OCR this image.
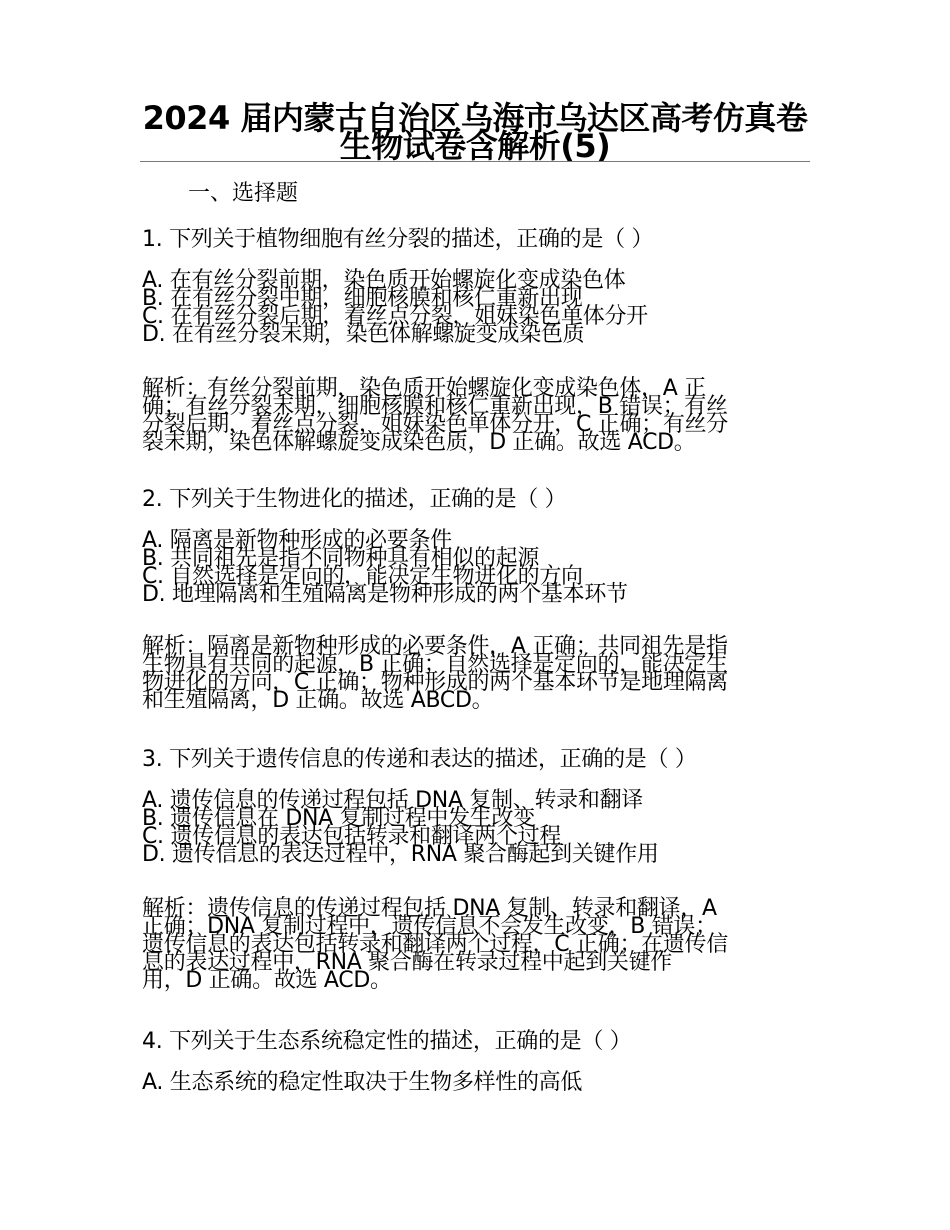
2024 届内蒙古自治区乌海市乌达区高考仿真卷生物试卷含解析(5)
一、选择题
1. 下列关于植物细胞有丝分裂的描述，正确的是（ ）
A. 在有丝分裂前期，染色质开始螺旋化变成染色体
B. 在有丝分裂中期，细胞核膜和核仁重新出现
C. 在有丝分裂后期，着丝点分裂，姐妹染色单体分开
D. 在有丝分裂末期，染色体解螺旋变成染色质
解析：有丝分裂前期，染色质开始螺旋化变成染色体，A 正
确；有丝分裂末期，细胞核膜和核仁重新出现，B 错误；有丝
分裂后期，着丝点分裂，姐妹染色单体分开，C 正确；有丝分
裂末期，染色体解螺旋变成染色质，D 正确。故选 ACD。
2. 下列关于生物进化的描述，正确的是（ ）
A. 隔离是新物种形成的必要条件
B. 共同祖先是指不同物种具有相似的起源
C. 自然选择是定向的，能决定生物进化的方向
D. 地理隔离和生殖隔离是物种形成的两个基本环节
解析：隔离是新物种形成的必要条件，A 正确；共同祖先是指
生物具有共同的起源，B 正确；自然选择是定向的，能决定生
物进化的方向，C 正确；物种形成的两个基本环节是地理隔离
和生殖隔离，D 正确。故选 ABCD。
3. 下列关于遗传信息的传递和表达的描述，正确的是（ ）
A. 遗传信息的传递过程包括 DNA 复制、转录和翻译
B. 遗传信息在 DNA 复制过程中发生改变
C. 遗传信息的表达包括转录和翻译两个过程
D. 遗传信息的表达过程中，RNA 聚合酶起到关键作用
解析：遗传信息的传递过程包括 DNA 复制、转录和翻译，A
正确；DNA 复制过程中，遗传信息不会发生改变，B 错误；
遗传信息的表达包括转录和翻译两个过程，C 正确；在遗传信
息的表达过程中，RNA 聚合酶在转录过程中起到关键作
用，D 正确。故选 ACD。
4. 下列关于生态系统稳定性的描述，正确的是（ ）
A. 生态系统的稳定性取决于生物多样性的高低
